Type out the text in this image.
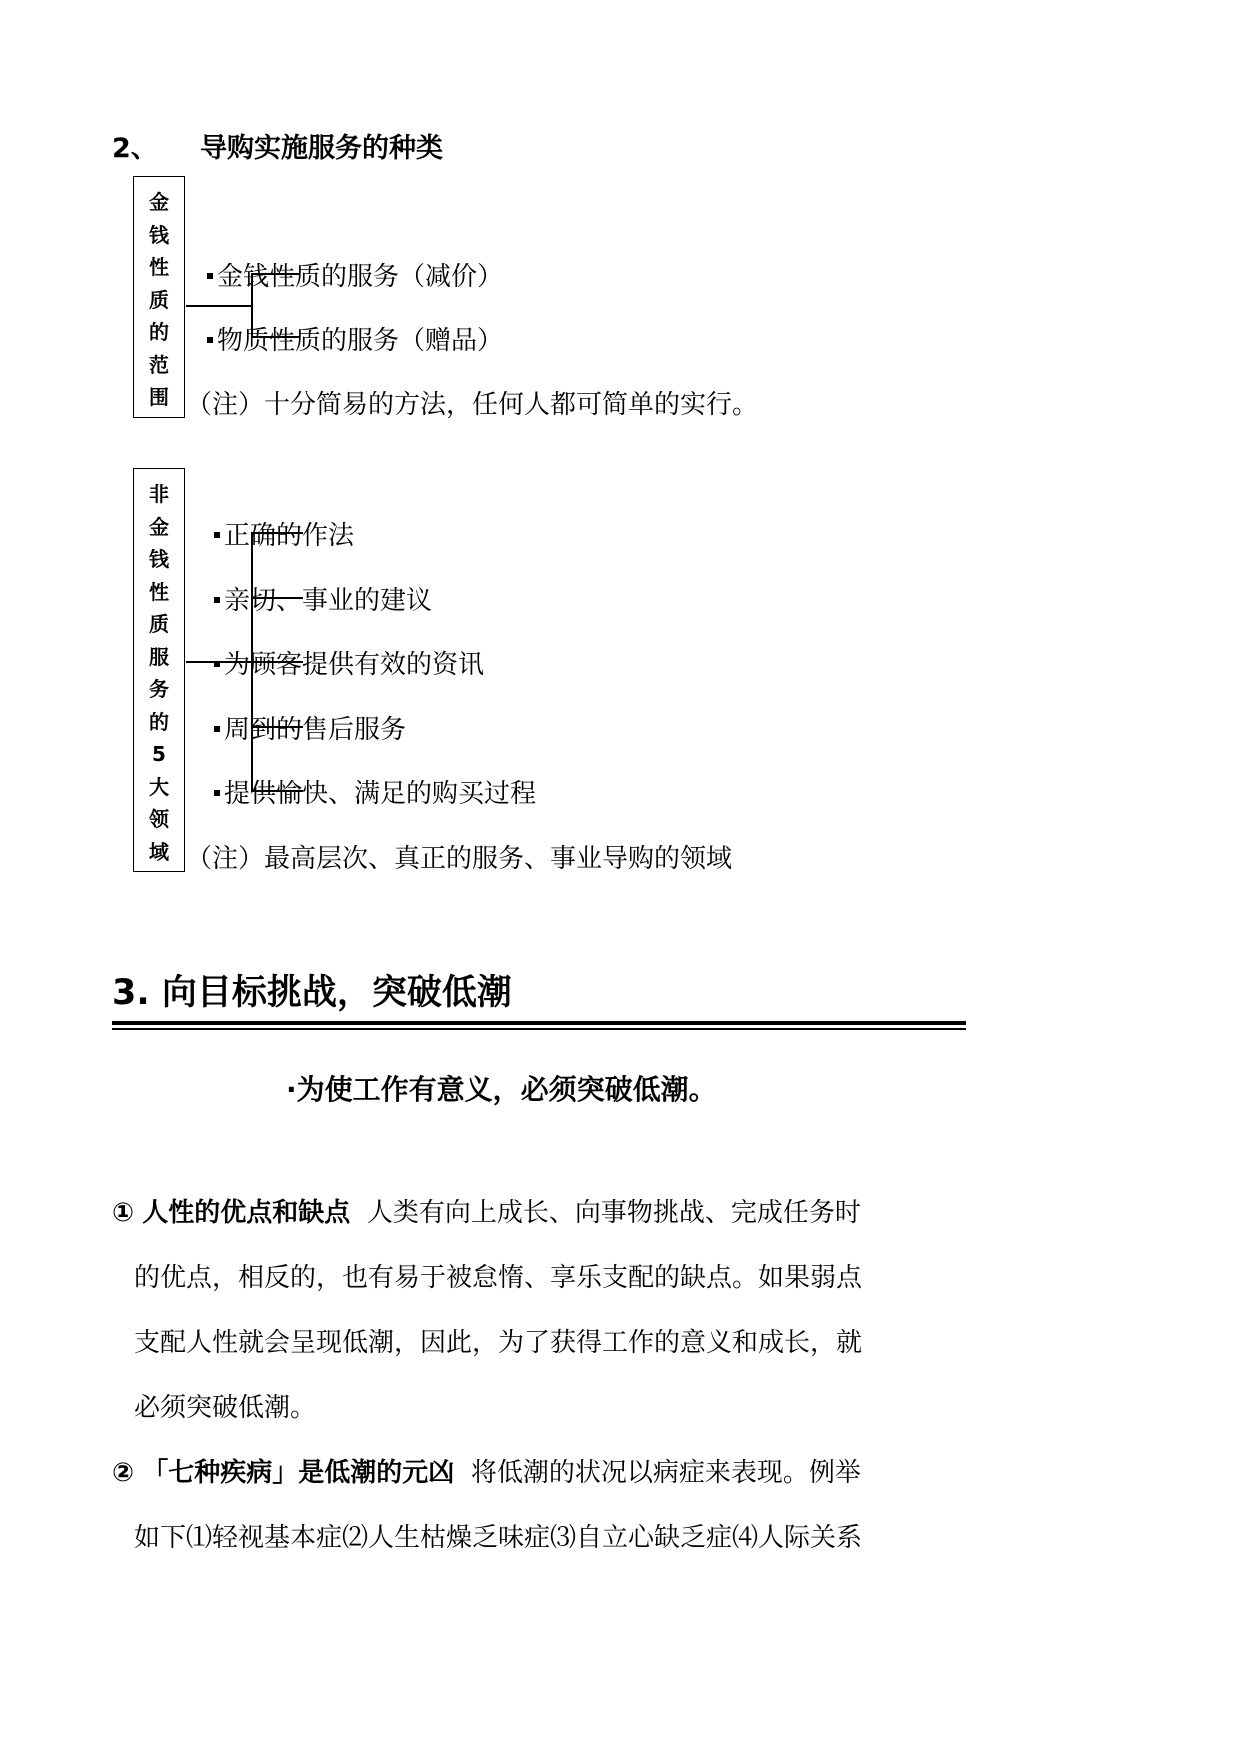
2、 导购实施服务的种类
金
钱
性
质
的
范
围
金钱性质的服务（减价）
物质性质的服务（赠品）
（注）十分简易的方法，任何人都可简单的实行。
非
金
钱
性
质
服
务
的
5
大
领
域
正确的作法
亲切、事业的建议
为顾客提供有效的资讯
周到的售后服务
提供愉快、满足的购买过程
（注）最高层次、真正的服务、事业导购的领域
3. 向目标挑战，突破低潮
·为使工作有意义，必须突破低潮。
① 人性的优点和缺点 人类有向上成长、向事物挑战、完成任务时
的优点，相反的，也有易于被怠惰、享乐支配的缺点。如果弱点
支配人性就会呈现低潮，因此，为了获得工作的意义和成长，就
必须突破低潮。
② 「七种疾病」是低潮的元凶 将低潮的状况以病症来表现。例举
如下⑴轻视基本症⑵人生枯燥乏味症⑶自立心缺乏症⑷人际关系
